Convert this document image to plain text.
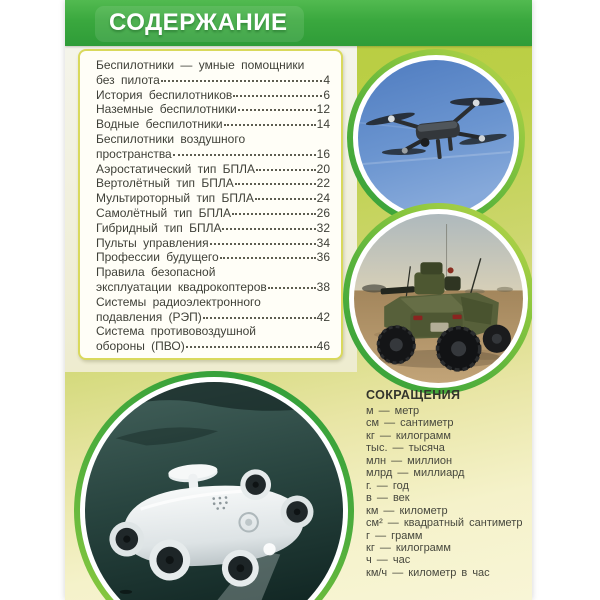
СОДЕРЖАНИЕ
Беспилотники — умные помощники
без пилота	4
История беспилотников	6
Наземные беспилотники	12
Водные беспилотники	14
Беспилотники воздушного
пространства	16
Аэростатический тип БПЛА	20
Вертолётный тип БПЛА	22
Мультироторный тип БПЛА	24
Самолётный тип БПЛА	26
Гибридный тип БПЛА	32
Пульты управления	34
Профессии будущего	36
Правила безопасной
эксплуатации квадрокоптеров	38
Системы радиоэлектронного
подавления (РЭП)	42
Система противовоздушной
обороны (ПВО)	46
СОКРАЩЕНИЯ
м — метр
см — сантиметр
кг — килограмм
тыс. — тысяча
млн — миллион
млрд — миллиард
г. — год
в — век
км — километр
см² — квадратный сантиметр
г — грамм
кг — килограмм
ч — час
км/ч — километр в час
